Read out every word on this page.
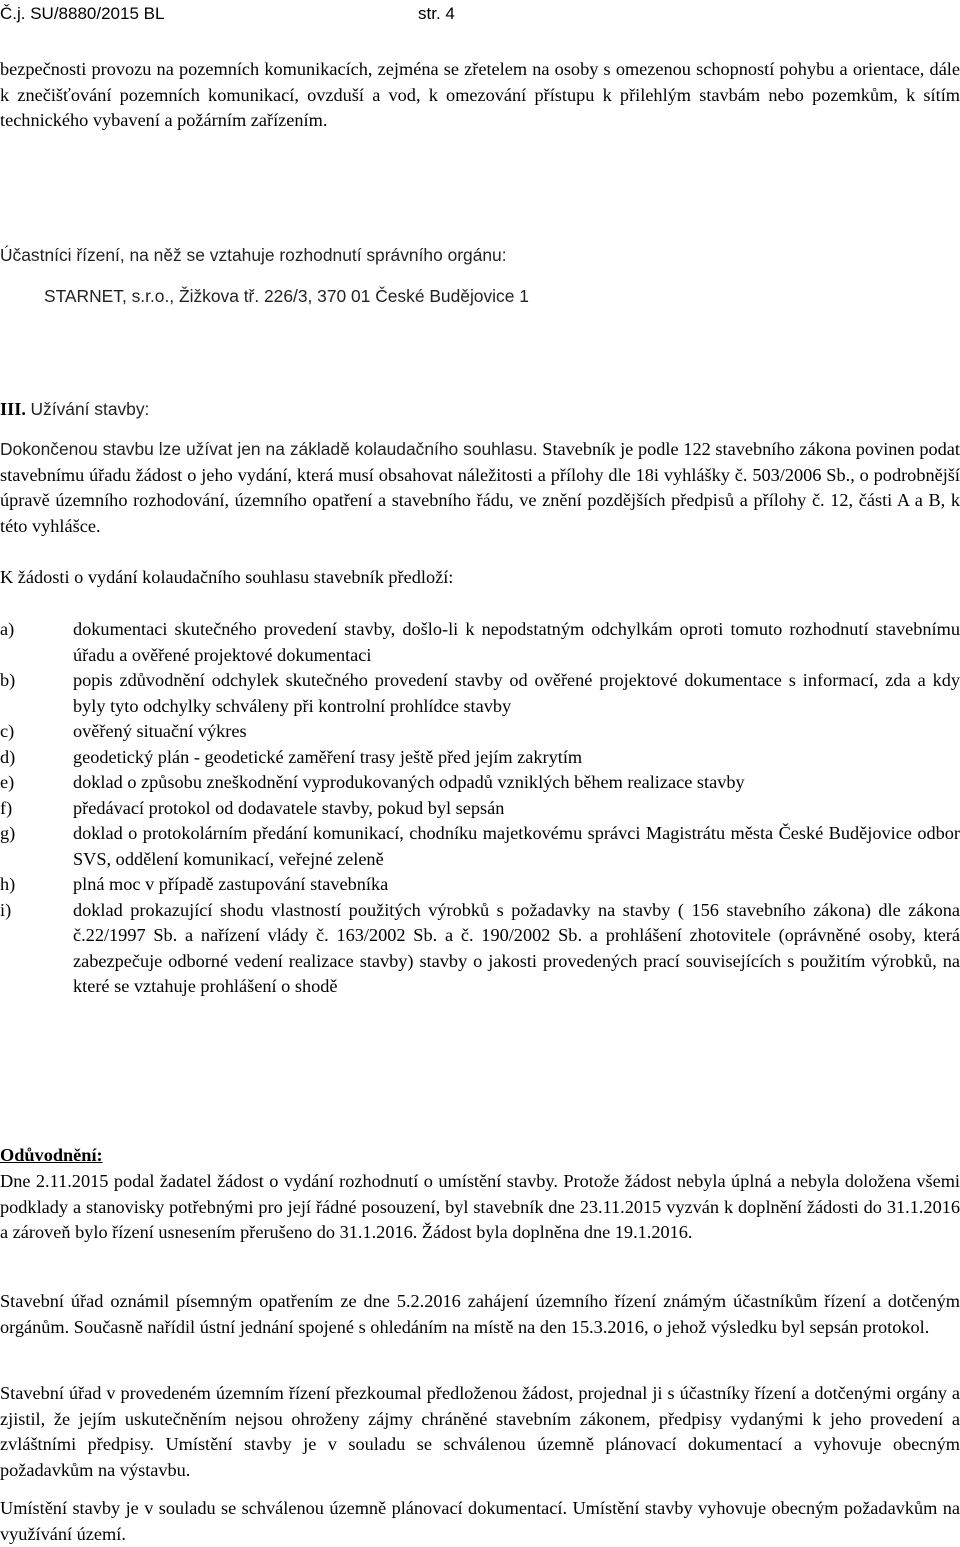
Č.j. SU/8880/2015 BL	str. 4
bezpečnosti provozu na pozemních komunikacích, zejména se zřetelem na osoby s omezenou schopností pohybu a orientace, dále k znečišťování pozemních komunikací, ovzduší a vod, k omezování přístupu k přilehlým stavbám nebo pozemkům, k sítím technického vybavení a požárním zařízením.
Účastníci řízení, na něž se vztahuje rozhodnutí správního orgánu:
STARNET, s.r.o., Žižkova tř. 226/3, 370 01 České Budějovice 1
III. Užívání stavby:
Dokončenou stavbu lze užívat jen na základě kolaudačního souhlasu. Stavebník je podle 122 stavebního zákona povinen podat stavebnímu úřadu žádost o jeho vydání, která musí obsahovat náležitosti a přílohy dle 18i vyhlášky č. 503/2006 Sb., o podrobnější úpravě územního rozhodování, územního opatření a stavebního řádu, ve znění pozdějších předpisů a přílohy č. 12, části A a B, k této vyhlášce.
K žádosti o vydání kolaudačního souhlasu stavebník předloží:
a)	dokumentaci skutečného provedení stavby, došlo-li k nepodstatným odchylkám oproti tomuto rozhodnutí stavebnímu úřadu a ověřené projektové dokumentaci
b)	popis zdůvodnění odchylek skutečného provedení stavby od ověřené projektové dokumentace s informací, zda a kdy byly tyto odchylky schváleny při kontrolní prohlídce stavby
c)	ověřený situační výkres
d)	geodetický plán - geodetické zaměření trasy ještě před jejím zakrytím
e)	doklad o způsobu zneškodnění vyprodukovaných odpadů vzniklých během realizace stavby
f)	předávací protokol od dodavatele stavby, pokud byl sepsán
g)	doklad o protokolárním předání komunikací, chodníku majetkovému správci Magistrátu města České Budějovice odbor SVS, oddělení komunikací, veřejné zeleně
h)	plná moc v případě zastupování stavebníka
i)	doklad prokazující shodu vlastností použitých výrobků s požadavky na stavby ( 156 stavebního zákona) dle zákona č.22/1997 Sb. a nařízení vlády č. 163/2002 Sb. a č. 190/2002 Sb. a prohlášení zhotovitele (oprávněné osoby, která zabezpečuje odborné vedení realizace stavby) stavby o jakosti provedených prací souvisejících s použitím výrobků, na které se vztahuje prohlášení o shodě
Odůvodnění:
Dne 2.11.2015 podal žadatel žádost o vydání rozhodnutí o umístění stavby. Protože žádost nebyla úplná a nebyla doložena všemi podklady a stanovisky potřebnými pro její řádné posouzení, byl stavebník dne 23.11.2015 vyzván k doplnění žádosti do 31.1.2016 a zároveň bylo řízení usnesením přerušeno do 31.1.2016. Žádost byla doplněna dne 19.1.2016.
Stavební úřad oznámil písemným opatřením ze dne 5.2.2016 zahájení územního řízení známým účastníkům řízení a dotčeným orgánům. Současně nařídil ústní jednání spojené s ohledáním na místě na den 15.3.2016, o jehož výsledku byl sepsán protokol.
Stavební úřad v provedeném územním řízení přezkoumal předloženou žádost, projednal ji s účastníky řízení a dotčenými orgány a zjistil, že jejím uskutečněním nejsou ohroženy zájmy chráněné stavebním zákonem, předpisy vydanými k jeho provedení a zvláštními předpisy. Umístění stavby je v souladu se schválenou územně plánovací dokumentací a vyhovuje obecným požadavkům na výstavbu.
Umístění stavby je v souladu se schválenou územně plánovací dokumentací. Umístění stavby vyhovuje obecným požadavkům na využívání území.
